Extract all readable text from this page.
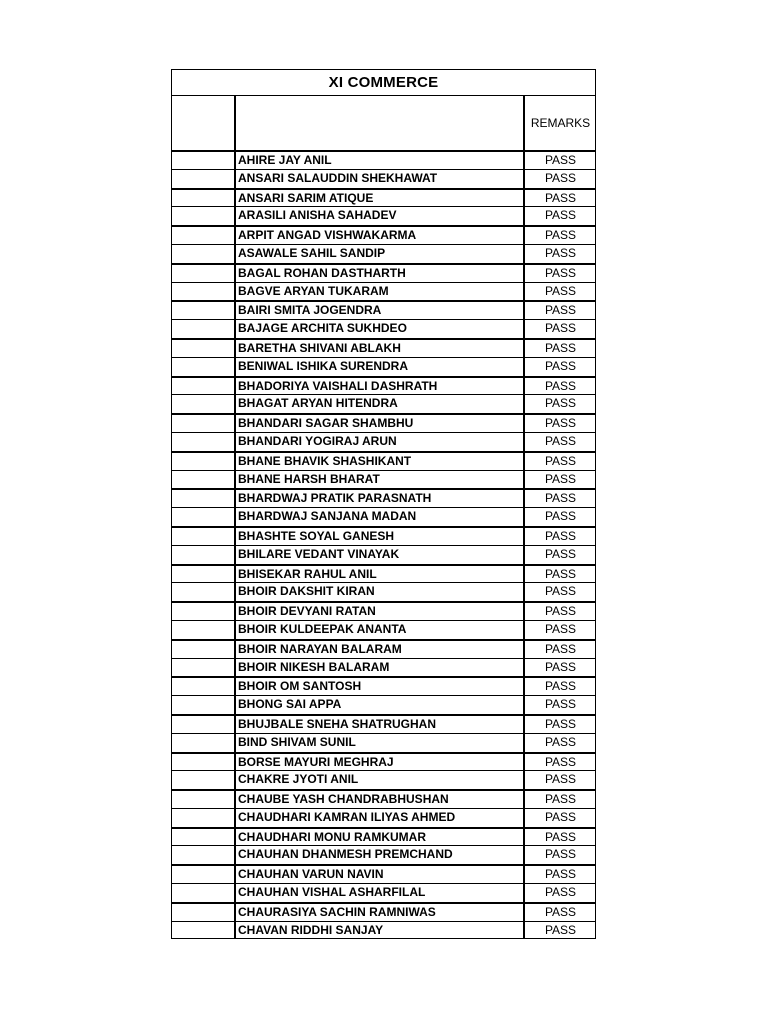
XI COMMERCE
REMARKS
AHIRE JAY ANIL	PASS
ANSARI SALAUDDIN SHEKHAWAT	PASS
ANSARI SARIM ATIQUE	PASS
ARASILI ANISHA SAHADEV	PASS
ARPIT ANGAD VISHWAKARMA	PASS
ASAWALE SAHIL SANDIP	PASS
BAGAL ROHAN DASTHARTH	PASS
BAGVE ARYAN TUKARAM	PASS
BAIRI SMITA JOGENDRA	PASS
BAJAGE ARCHITA SUKHDEO	PASS
BARETHA SHIVANI ABLAKH	PASS
BENIWAL ISHIKA SURENDRA	PASS
BHADORIYA VAISHALI DASHRATH	PASS
BHAGAT ARYAN HITENDRA	PASS
BHANDARI SAGAR SHAMBHU	PASS
BHANDARI YOGIRAJ ARUN	PASS
BHANE BHAVIK SHASHIKANT	PASS
BHANE HARSH BHARAT	PASS
BHARDWAJ PRATIK PARASNATH	PASS
BHARDWAJ SANJANA MADAN	PASS
BHASHTE SOYAL GANESH	PASS
BHILARE VEDANT VINAYAK	PASS
BHISEKAR RAHUL ANIL	PASS
BHOIR DAKSHIT KIRAN	PASS
BHOIR DEVYANI RATAN	PASS
BHOIR KULDEEPAK ANANTA	PASS
BHOIR NARAYAN BALARAM	PASS
BHOIR NIKESH BALARAM	PASS
BHOIR OM SANTOSH	PASS
BHONG SAI APPA	PASS
BHUJBALE SNEHA SHATRUGHAN	PASS
BIND SHIVAM SUNIL	PASS
BORSE MAYURI MEGHRAJ	PASS
CHAKRE JYOTI ANIL	PASS
CHAUBE YASH CHANDRABHUSHAN	PASS
CHAUDHARI KAMRAN ILIYAS AHMED	PASS
CHAUDHARI MONU RAMKUMAR	PASS
CHAUHAN DHANMESH PREMCHAND	PASS
CHAUHAN VARUN NAVIN	PASS
CHAUHAN VISHAL ASHARFILAL	PASS
CHAURASIYA SACHIN RAMNIWAS	PASS
CHAVAN RIDDHI SANJAY	PASS
